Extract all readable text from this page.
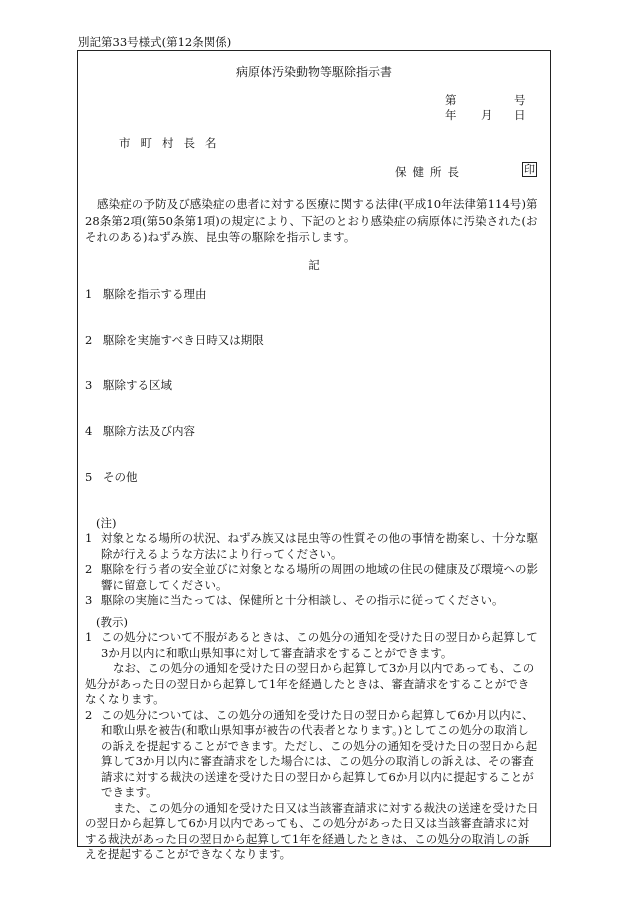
別記第33号様式(第12条関係)
病原体汚染動物等駆除指示書
第	号
年 月 日
市町村長名
保健所長	印
感染症の予防及び感染症の患者に対する医療に関する法律(平成10年法律第114号)第28条第2項(第50条第1項)の規定により、下記のとおり感染症の病原体に汚染された(おそれのある)ねずみ族、昆虫等の駆除を指示します。
記
1 駆除を指示する理由
2 駆除を実施すべき日時又は期限
3 駆除する区域
4 駆除方法及び内容
5 その他
(注)
1 対象となる場所の状況、ねずみ族又は昆虫等の性質その他の事情を勘案し、十分な駆除が行えるような方法により行ってください。
2 駆除を行う者の安全並びに対象となる場所の周囲の地域の住民の健康及び環境への影響に留意してください。
3 駆除の実施に当たっては、保健所と十分相談し、その指示に従ってください。
(教示)
1 この処分について不服があるときは、この処分の通知を受けた日の翌日から起算して3か月以内に和歌山県知事に対して審査請求をすることができます。
なお、この処分の通知を受けた日の翌日から起算して3か月以内であっても、この処分があった日の翌日から起算して1年を経過したときは、審査請求をすることができなくなります。
2 この処分については、この処分の通知を受けた日の翌日から起算して6か月以内に、和歌山県を被告(和歌山県知事が被告の代表者となります。)としてこの処分の取消しの訴えを提起することができます。ただし、この処分の通知を受けた日の翌日から起算して3か月以内に審査請求をした場合には、この処分の取消しの訴えは、その審査請求に対する裁決の送達を受けた日の翌日から起算して6か月以内に提起することができます。
また、この処分の通知を受けた日又は当該審査請求に対する裁決の送達を受けた日の翌日から起算して6か月以内であっても、この処分があった日又は当該審査請求に対する裁決があった日の翌日から起算して1年を経過したときは、この処分の取消しの訴えを提起することができなくなります。
